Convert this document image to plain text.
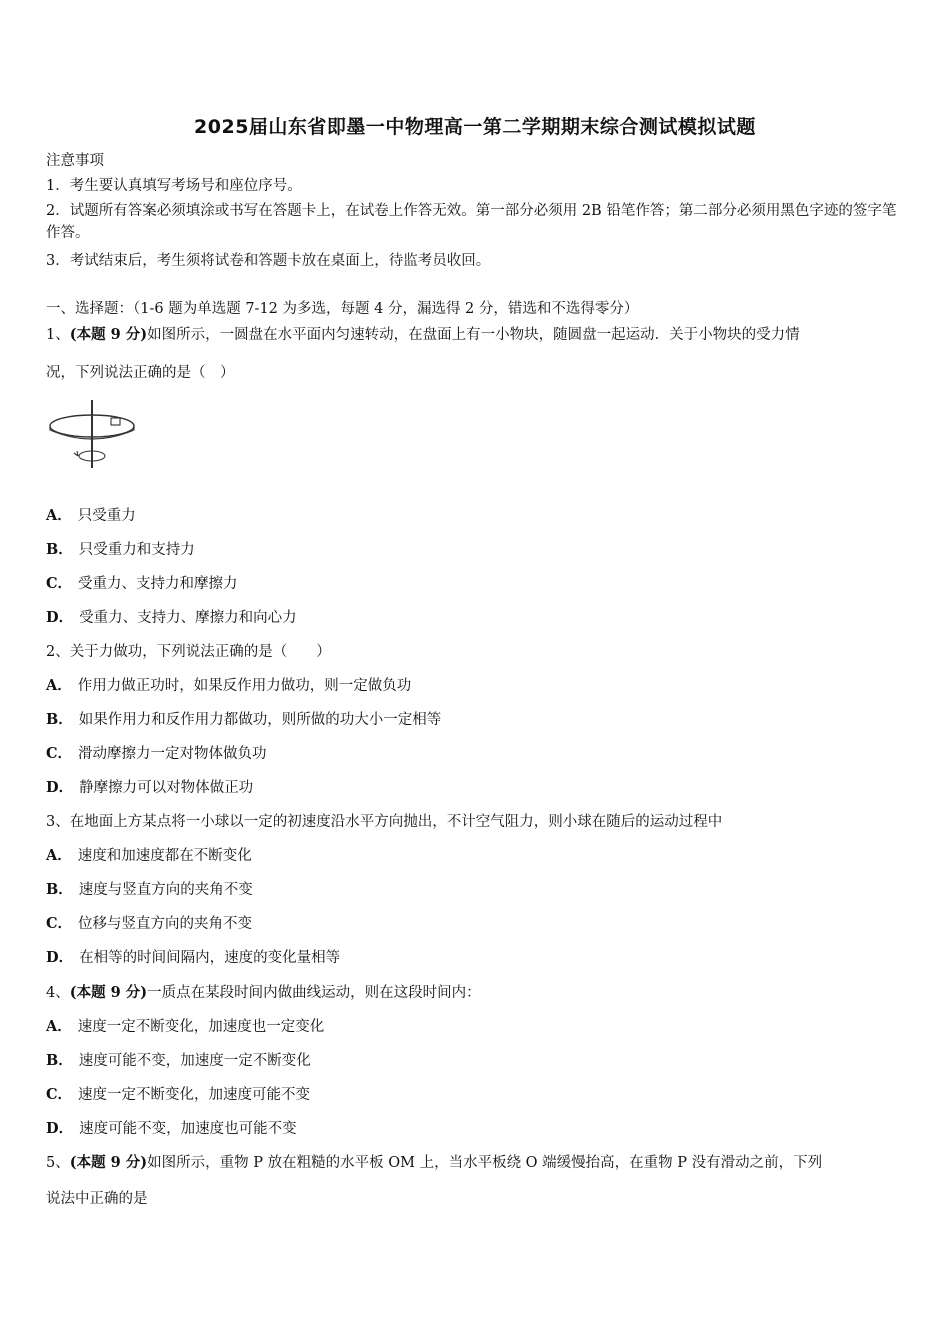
2025届山东省即墨一中物理高一第二学期期末综合测试模拟试题
注意事项
1．考生要认真填写考场号和座位序号。
2．试题所有答案必须填涂或书写在答题卡上，在试卷上作答无效。第一部分必须用 2B 铅笔作答；第二部分必须用黑色字迹的签字笔作答。
3．考试结束后，考生须将试卷和答题卡放在桌面上，待监考员收回。
一、选择题：（1-6 题为单选题 7-12 为多选，每题 4 分，漏选得 2 分，错选和不选得零分）
1、(本题 9 分)如图所示，一圆盘在水平面内匀速转动，在盘面上有一小物块，随圆盘一起运动．关于小物块的受力情
况，下列说法正确的是（　）
A． 只受重力
B． 只受重力和支持力
C． 受重力、支持力和摩擦力
D． 受重力、支持力、摩擦力和向心力
2、关于力做功，下列说法正确的是（　　）
A． 作用力做正功时，如果反作用力做功，则一定做负功
B． 如果作用力和反作用力都做功，则所做的功大小一定相等
C． 滑动摩擦力一定对物体做负功
D． 静摩擦力可以对物体做正功
3、在地面上方某点将一小球以一定的初速度沿水平方向抛出，不计空气阻力，则小球在随后的运动过程中
A． 速度和加速度都在不断变化
B． 速度与竖直方向的夹角不变
C． 位移与竖直方向的夹角不变
D． 在相等的时间间隔内，速度的变化量相等
4、(本题 9 分)一质点在某段时间内做曲线运动，则在这段时间内：
A． 速度一定不断变化，加速度也一定变化
B． 速度可能不变，加速度一定不断变化
C． 速度一定不断变化，加速度可能不变
D． 速度可能不变，加速度也可能不变
5、(本题 9 分)如图所示，重物 P 放在粗糙的水平板 OM 上，当水平板绕 O 端缓慢抬高，在重物 P 没有滑动之前，下列
说法中正确的是
